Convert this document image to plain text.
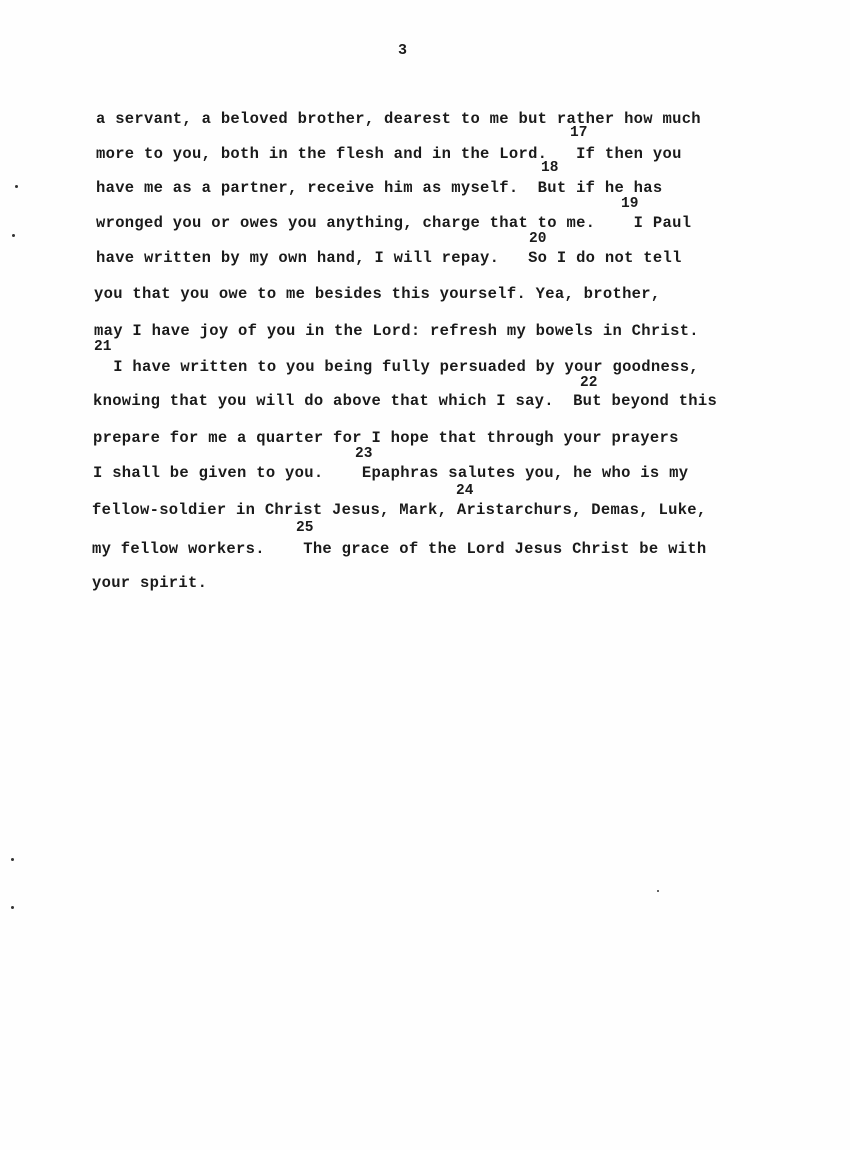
3
a servant, a beloved brother, dearest to me but rather how much
17
more to you, both in the flesh and in the Lord.   If then you
18
have me as a partner, receive him as myself.  But if he has
19
wronged you or owes you anything, charge that to me.    I Paul
20
have written by my own hand, I will repay.   So I do not tell
you that you owe to me besides this yourself. Yea, brother,
may I have joy of you in the Lord: refresh my bowels in Christ.
21
I have written to you being fully persuaded by your goodness,
22
knowing that you will do above that which I say.  But beyond this
prepare for me a quarter for I hope that through your prayers
23
I shall be given to you.    Epaphras salutes you, he who is my
24
fellow-soldier in Christ Jesus, Mark, Aristarchurs, Demas, Luke,
25
my fellow workers.    The grace of the Lord Jesus Christ be with
your spirit.
